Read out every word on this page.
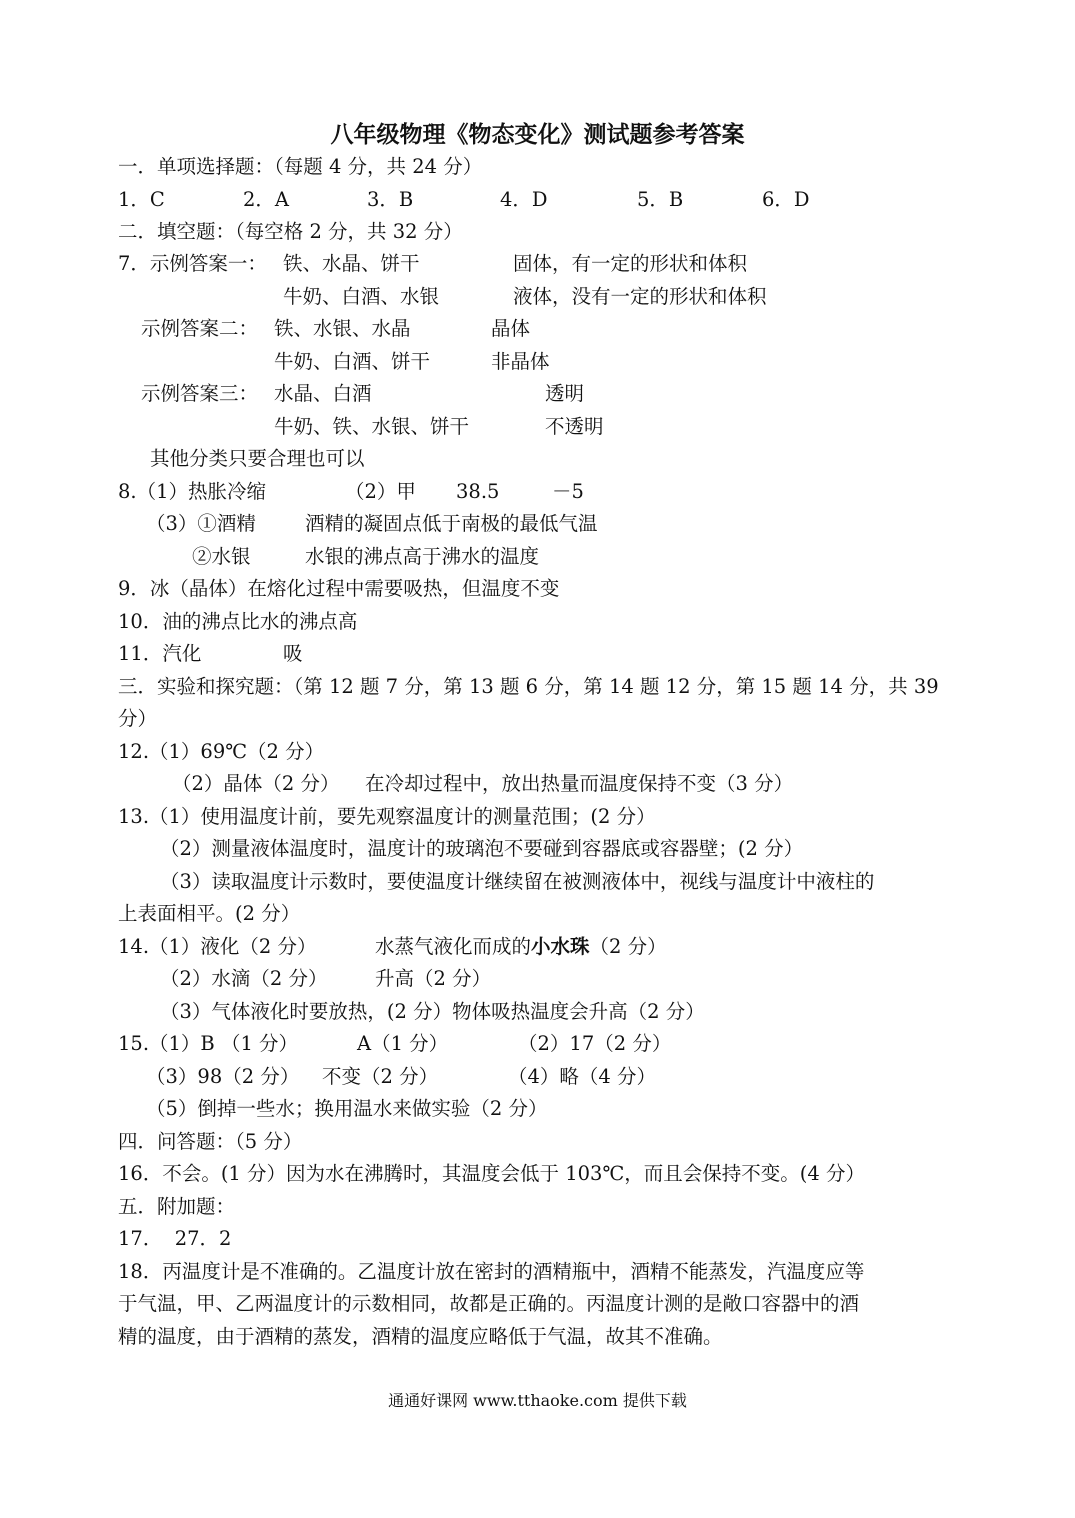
八年级物理《物态变化》测试题参考答案
一．单项选择题：（每题 4 分，共 24 分）
1．C	2．A	3．B	4．D	5．B	6．D
二．填空题：（每空格 2 分，共 32 分）
7．示例答案一： 铁、水晶、饼干	固体，有一定的形状和体积
牛奶、白酒、水银	液体，没有一定的形状和体积
示例答案二： 铁、水银、水晶	晶体
牛奶、白酒、饼干	非晶体
示例答案三： 水晶、白酒	透明
牛奶、铁、水银、饼干	不透明
其他分类只要合理也可以
8.（1）热胀冷缩	（2）甲 38.5	－5
（3）①酒精	酒精的凝固点低于南极的最低气温
②水银	水银的沸点高于沸水的温度
9．冰（晶体）在熔化过程中需要吸热，但温度不变
10．油的沸点比水的沸点高
11．汽化	吸
三．实验和探究题：（第 12 题 7 分，第 13 题 6 分，第 14 题 12 分，第 15 题 14 分，共 39
分）
12.（1）69℃（2 分）
（2）晶体（2 分） 在冷却过程中，放出热量而温度保持不变（3 分）
13.（1）使用温度计前，要先观察温度计的测量范围；(2 分）
（2）测量液体温度时，温度计的玻璃泡不要碰到容器底或容器壁；(2 分）
（3）读取温度计示数时，要使温度计继续留在被测液体中，视线与温度计中液柱的
上表面相平。(2 分）
14.（1）液化（2 分）	水蒸气液化而成的小水珠（2 分）
（2）水滴（2 分） 升高（2 分）
（3）气体液化时要放热，(2 分）物体吸热温度会升高（2 分）
15.（1）B （1 分）	A（1 分）	（2）17（2 分）
（3）98（2 分） 不变（2 分）	（4）略（4 分）
（5）倒掉一些水；换用温水来做实验（2 分）
四．问答题：（5 分）
16．不会。(1 分）因为水在沸腾时，其温度会低于 103℃，而且会保持不变。(4 分）
五．附加题：
17．  27．2
18．丙温度计是不准确的。乙温度计放在密封的酒精瓶中，酒精不能蒸发，汽温度应等
于气温，甲、乙两温度计的示数相同，故都是正确的。丙温度计测的是敞口容器中的酒
精的温度，由于酒精的蒸发，酒精的温度应略低于气温，故其不准确。
通通好课网 www.tthaoke.com 提供下载
